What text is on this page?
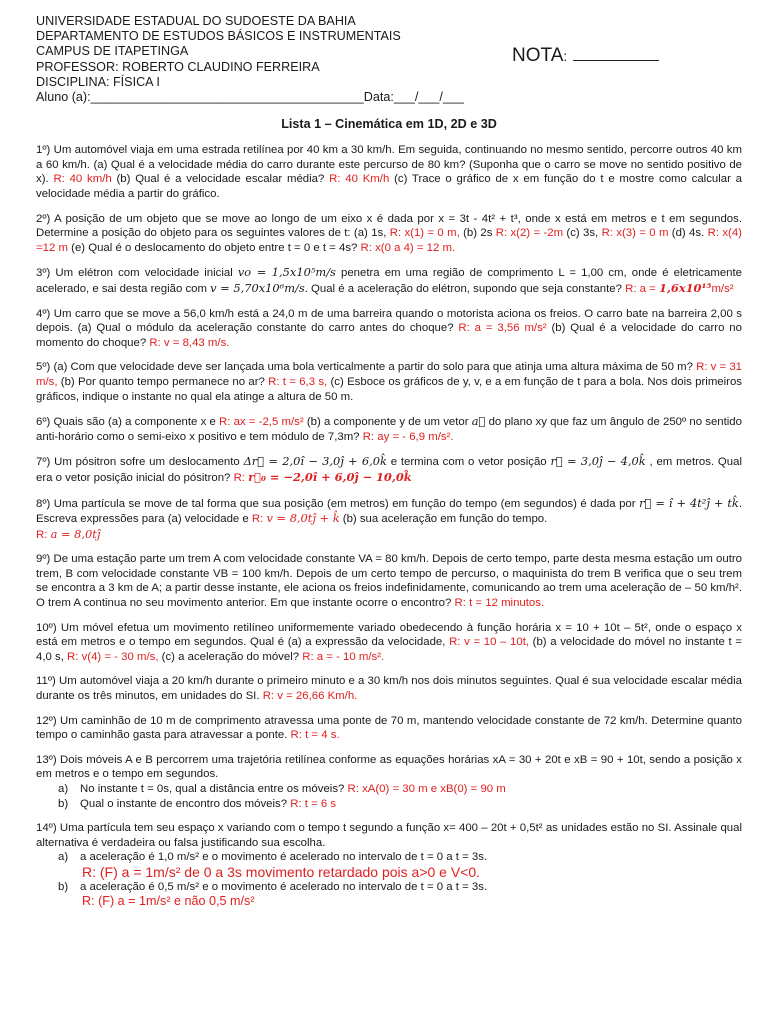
NOTA:
UNIVERSIDADE ESTADUAL DO SUDOESTE DA BAHIA
DEPARTAMENTO DE ESTUDOS BÁSICOS E INSTRUMENTAIS
CAMPUS DE ITAPETINGA
PROFESSOR: ROBERTO CLAUDINO FERREIRA
DISCIPLINA: FÍSICA I
Aluno (a):_______________________________________Data:___/___/___
Lista 1 – Cinemática em 1D, 2D e 3D

1º) Um automóvel viaja em uma estrada retilínea por 40 km a 30 km/h. Em seguida, continuando no mesmo sentido, percorre outros 40 km a 60 km/h. (a) Qual é a velocidade média do carro durante este percurso de 80 km? (Suponha que o carro se move no sentido positivo de x). R: 40 km/h (b) Qual é a velocidade escalar média? R: 40 Km/h (c) Trace o gráfico de x em função do t e mostre como calcular a velocidade média a partir do gráfico.

2º) A posição de um objeto que se move ao longo de um eixo x é dada por x = 3t - 4t² + t³, onde x está em metros e t em segundos. Determine a posição do objeto para os seguintes valores de t: (a) 1s, R: x(1) = 0 m, (b) 2s R: x(2) = -2m (c) 3s, R: x(3) = 0 m (d) 4s. R: x(4) =12 m (e) Qual é o deslocamento do objeto entre t = 0 e t = 4s? R: x(0 a 4) = 12 m.

3º) Um elétron com velocidade inicial vo = 1,5x10⁵m/s penetra em uma região de comprimento L = 1,00 cm, onde é eletricamente acelerado, e sai desta região com v = 5,70x10⁶m/s. Qual é a aceleração do elétron, supondo que seja constante? R: a = 1,6x10¹⁵m/s²

4º) Um carro que se move a 56,0 km/h está a 24,0 m de uma barreira quando o motorista aciona os freios. O carro bate na barreira 2,00 s depois. (a) Qual o módulo da aceleração constante do carro antes do choque? R: a = 3,56 m/s² (b) Qual é a velocidade do carro no momento do choque? R: v = 8,43 m/s.

5º) (a) Com que velocidade deve ser lançada uma bola verticalmente a partir do solo para que atinja uma altura máxima de 50 m? R: v = 31 m/s, (b) Por quanto tempo permanece no ar? R: t = 6,3 s, (c) Esboce os gráficos de y, v, e a em função de t para a bola. Nos dois primeiros gráficos, indique o instante no qual ela atinge a altura de 50 m.

6º) Quais são (a) a componente x e R: ax = -2,5 m/s² (b) a componente y de um vetor a⃗ do plano xy que faz um ângulo de 250º no sentido anti-horário como o semi-eixo x positivo e tem módulo de 7,3m? R: ay = - 6,9 m/s².

7º) Um pósitron sofre um deslocamento Δr⃗ = 2,0î − 3,0ĵ + 6,0k̂ e termina com o vetor posição r⃗ = 3,0ĵ − 4,0k̂ , em metros. Qual era o vetor posição inicial do pósitron? R: r⃗₀ = −2,0î + 6,0ĵ − 10,0k̂

8º) Uma partícula se move de tal forma que sua posição (em metros) em função do tempo (em segundos) é dada por r⃗ = î + 4t²ĵ + tk̂. Escreva expressões para (a) velocidade e R: v = 8,0tĵ + k̂ (b) sua aceleração em função do tempo.
R: a = 8,0tĵ

9º) De uma estação parte um trem A com velocidade constante VA = 80 km/h. Depois de certo tempo, parte desta mesma estação um outro trem, B com velocidade constante VB = 100 km/h. Depois de um certo tempo de percurso, o maquinista do trem B verifica que o seu trem se encontra a 3 km de A; a partir desse instante, ele aciona os freios indefinidamente, comunicando ao trem uma aceleração de – 50 km/h². O trem A continua no seu movimento anterior. Em que instante ocorre o encontro? R: t = 12 minutos.

10º) Um móvel efetua um movimento retilíneo uniformemente variado obedecendo à função horária x = 10 + 10t – 5t², onde o espaço x está em metros e o tempo em segundos. Qual é (a) a expressão da velocidade, R: v = 10 – 10t, (b) a velocidade do móvel no instante t = 4,0 s, R: v(4) = - 30 m/s, (c) a aceleração do móvel? R: a = - 10 m/s².

11º) Um automóvel viaja a 20 km/h durante o primeiro minuto e a 30 km/h nos dois minutos seguintes. Qual é sua velocidade escalar média durante os três minutos, em unidades do SI. R: v = 26,66 Km/h.

12º) Um caminhão de 10 m de comprimento atravessa uma ponte de 70 m, mantendo velocidade constante de 72 km/h. Determine quanto tempo o caminhão gasta para atravessar a ponte. R: t = 4 s.

13º) Dois móveis A e B percorrem uma trajetória retilínea conforme as equações horárias xA = 30 + 20t e xB = 90 + 10t, sendo a posição x em metros e o tempo em segundos.
a) No instante t = 0s, qual a distância entre os móveis? R: xA(0) = 30 m e xB(0) = 90 m
b) Qual o instante de encontro dos móveis? R: t = 6 s
14º) Uma partícula tem seu espaço x variando com o tempo t segundo a função x= 400 – 20t + 0,5t² as unidades estão no SI. Assinale qual alternativa é verdadeira ou falsa justificando sua escolha.
a) a aceleração é 1,0 m/s² e o movimento é acelerado no intervalo de t = 0 a t = 3s.
R: (F) a = 1m/s² de 0 a 3s movimento retardado pois a>0 e V<0.
b) a aceleração é 0,5 m/s² e o movimento é acelerado no intervalo de t = 0 a t = 3s.
R: (F) a = 1m/s² e não 0,5 m/s²
